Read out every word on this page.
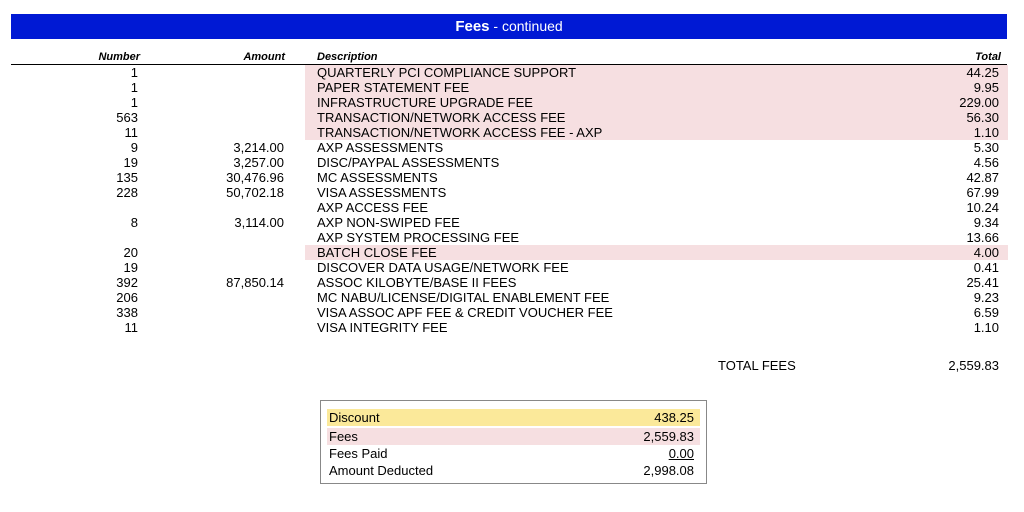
Fees - continued
Number	Amount	Description	Total
1	QUARTERLY PCI COMPLIANCE SUPPORT	44.25
1	PAPER STATEMENT FEE	9.95
1	INFRASTRUCTURE UPGRADE FEE	229.00
563	TRANSACTION/NETWORK ACCESS FEE	56.30
11	TRANSACTION/NETWORK ACCESS FEE - AXP	1.10
9	3,214.00	AXP ASSESSMENTS	5.30
19	3,257.00	DISC/PAYPAL ASSESSMENTS	4.56
135	30,476.96	MC ASSESSMENTS	42.87
228	50,702.18	VISA ASSESSMENTS	67.99
AXP ACCESS FEE	10.24
8	3,114.00	AXP NON-SWIPED FEE	9.34
AXP SYSTEM PROCESSING FEE	13.66
20	BATCH CLOSE FEE	4.00
19	DISCOVER DATA USAGE/NETWORK FEE	0.41
392	87,850.14	ASSOC KILOBYTE/BASE II FEES	25.41
206	MC NABU/LICENSE/DIGITAL ENABLEMENT FEE	9.23
338	VISA ASSOC APF FEE & CREDIT VOUCHER FEE	6.59
11	VISA INTEGRITY FEE	1.10
TOTAL FEES	2,559.83
Discount	438.25
Fees	2,559.83
Fees Paid	0.00
Amount Deducted	2,998.08
